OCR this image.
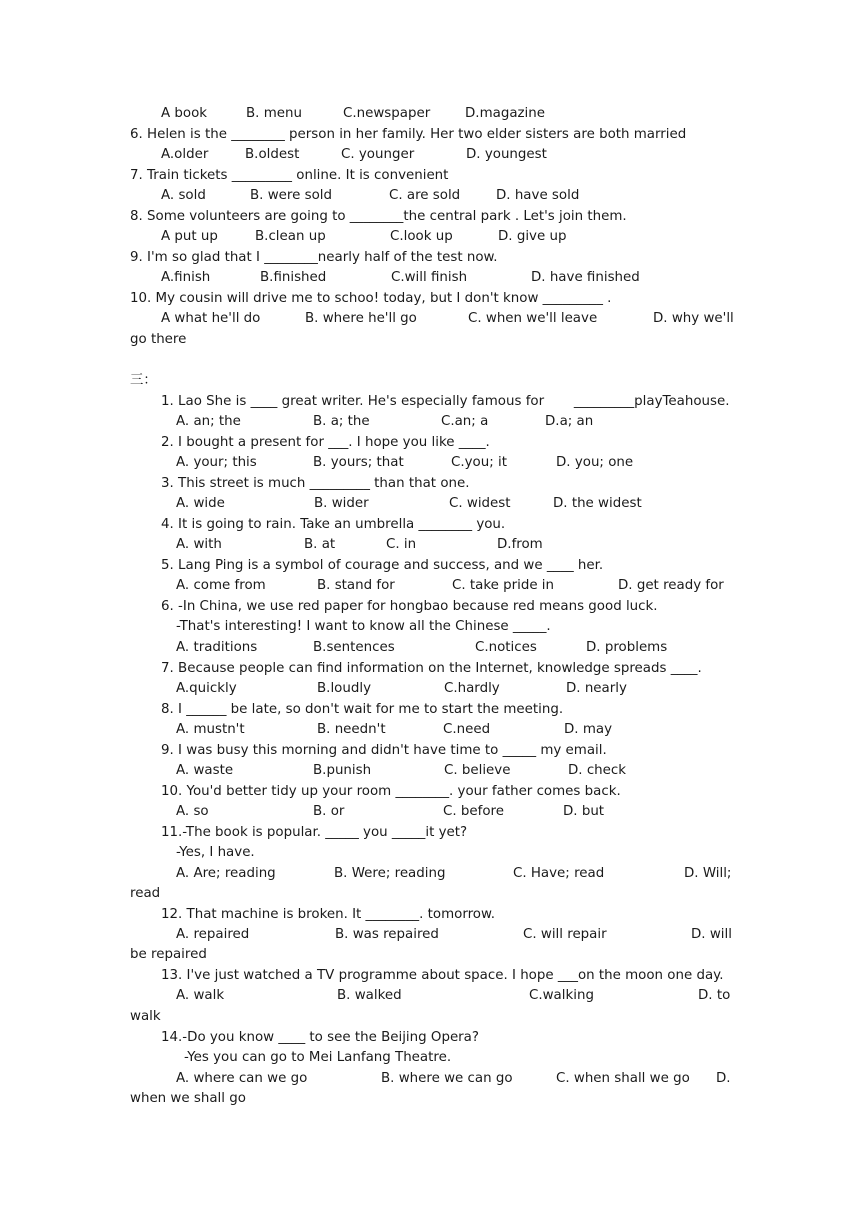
A book	B. menu	C.newspaper	D.magazine
6. Helen is the ________ person in her family. Her two elder sisters are both married
A.older	B.oldest	C. younger	D. youngest
7. Train tickets _________ online. It is convenient
A. sold	B. were sold	C. are sold	D. have sold
8. Some volunteers are going to ________the central park . Let's join them.
A put up	B.clean up	C.look up	D. give up
9. I'm so glad that I ________nearly half of the test now.
A.finish	B.finished	C.will finish	D. have finished
10. My cousin will drive me to schoo! today, but I don't know _________ .
A what he'll do	B. where he'll go	C. when we'll leave	D. why we'll
go there
三：
1. Lao She is ____ great writer. He's especially famous for       _________playTeahouse.
A. an; the	B. a; the	C.an; a	D.a; an
2. I bought a present for ___. I hope you like ____.
A. your; this	B. yours; that	C.you; it	D. you; one
3. This street is much _________ than that one.
A. wide	B. wider	C. widest	D. the widest
4. It is going to rain. Take an umbrella ________ you.
A. with	B. at	C. in	D.from
5. Lang Ping is a symbol of courage and success, and we ____ her.
A. come from	B. stand for	C. take pride in	D. get ready for
6. -In China, we use red paper for hongbao because red means good luck.
-That's interesting! I want to know all the Chinese _____.
A. traditions	B.sentences	C.notices	D. problems
7. Because people can find information on the Internet, knowledge spreads ____.
A.quickly	B.loudly	C.hardly	D. nearly
8. I ______ be late, so don't wait for me to start the meeting.
A. mustn't	B. needn't	C.need	D. may
9. I was busy this morning and didn't have time to _____ my email.
A. waste	B.punish	C. believe	D. check
10. You'd better tidy up your room ________. your father comes back.
A. so	B. or	C. before	D. but
11.-The book is popular. _____ you _____it yet?
-Yes, I have.
A. Are; reading	B. Were; reading	C. Have; read	D. Will;
read
12. That machine is broken. It ________. tomorrow.
A. repaired	B. was repaired	C. will repair	D. will
be repaired
13. I've just watched a TV programme about space. I hope ___on the moon one day.
A. walk	B. walked	C.walking	D. to
walk
14.-Do you know ____ to see the Beijing Opera?
-Yes you can go to Mei Lanfang Theatre.
A. where can we go	B. where we can go	C. when shall we go D.
when we shall go
